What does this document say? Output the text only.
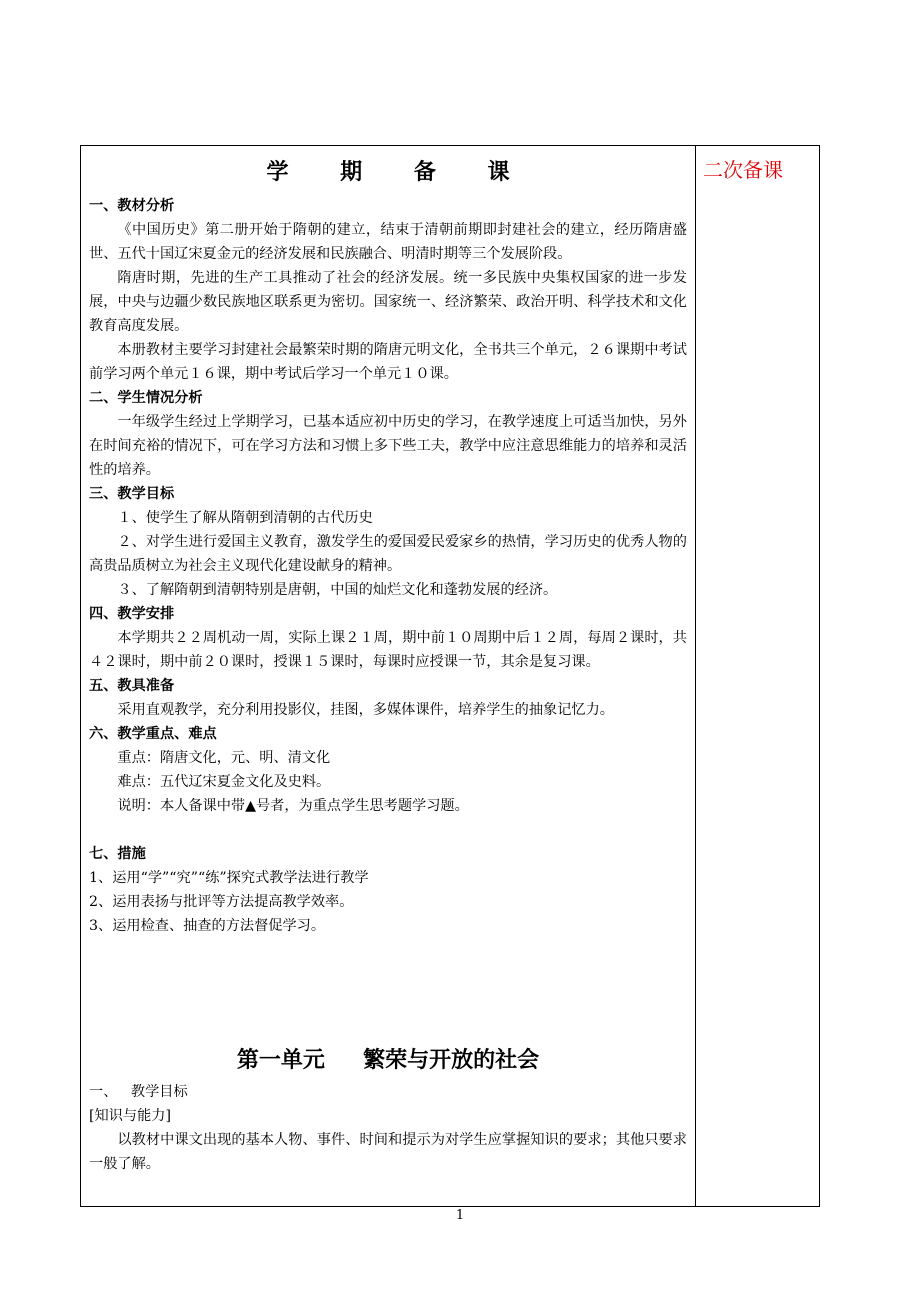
学 期 备 课
一、教材分析
《中国历史》第二册开始于隋朝的建立，结束于清朝前期即封建社会的建立，经历隋唐盛世、五代十国辽宋夏金元的经济发展和民族融合、明清时期等三个发展阶段。
隋唐时期，先进的生产工具推动了社会的经济发展。统一多民族中央集权国家的进一步发展，中央与边疆少数民族地区联系更为密切。国家统一、经济繁荣、政治开明、科学技术和文化教育高度发展。
本册教材主要学习封建社会最繁荣时期的隋唐元明文化，全书共三个单元，２６课期中考试前学习两个单元１６课，期中考试后学习一个单元１０课。
二、学生情况分析
一年级学生经过上学期学习，已基本适应初中历史的学习，在教学速度上可适当加快，另外在时间充裕的情况下，可在学习方法和习惯上多下些工夫，教学中应注意思维能力的培养和灵活性的培养。
三、教学目标
１、使学生了解从隋朝到清朝的古代历史
２、对学生进行爱国主义教育，激发学生的爱国爱民爱家乡的热情，学习历史的优秀人物的高贵品质树立为社会主义现代化建设献身的精神。
３、了解隋朝到清朝特别是唐朝，中国的灿烂文化和蓬勃发展的经济。
四、教学安排
本学期共２２周机动一周，实际上课２１周，期中前１０周期中后１２周，每周２课时，共４２课时，期中前２０课时，授课１５课时，每课时应授课一节，其余是复习课。
五、教具准备
采用直观教学，充分利用投影仪，挂图，多媒体课件，培养学生的抽象记忆力。
六、教学重点、难点
重点：隋唐文化，元、明、清文化
难点：五代辽宋夏金文化及史料。
说明：本人备课中带▲号者，为重点学生思考题学习题。
七、措施
1、运用“学”“究”“练”探究式教学法进行教学
2、运用表扬与批评等方法提高教学效率。
3、运用检查、抽查的方法督促学习。
第一单元     繁荣与开放的社会
一、   教学目标
[知识与能力]
以教材中课文出现的基本人物、事件、时间和提示为对学生应掌握知识的要求；其他只要求一般了解。
二次备课
1
